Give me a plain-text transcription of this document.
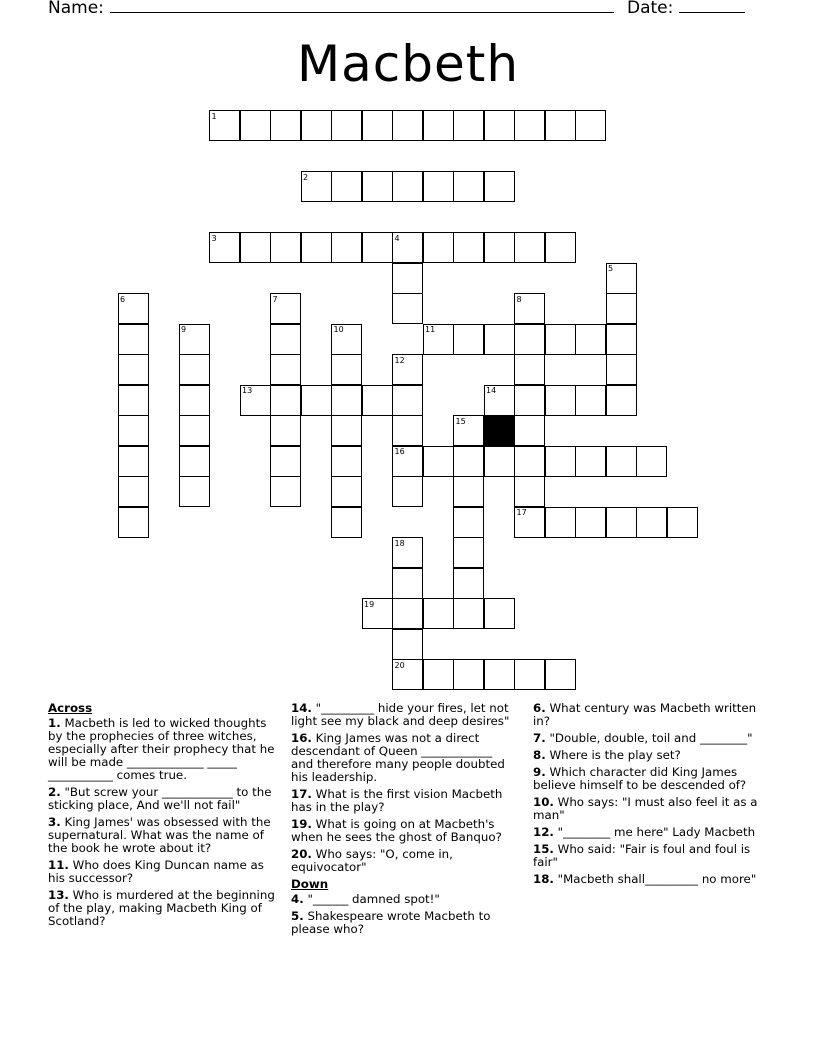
Name:	Date:
Macbeth
1
2
3	4
5
6	7	8
9	10	11
12
13	14
15
16
17
18
19
20
Across
1. Macbeth is led to wicked thoughts by the prophecies of three witches, especially after their prophecy that he will be made _____________ _____ ___________ comes true.
2. "But screw your ____________ to the sticking place, And we'll not fail"
3. King James' was obsessed with the supernatural. What was the name of the book he wrote about it?
11. Who does King Duncan name as his successor?
13. Who is murdered at the beginning of the play, making Macbeth King of Scotland?
14. "_________ hide your fires, let not light see my black and deep desires"
16. King James was not a direct descendant of Queen ____________ and therefore many people doubted his leadership.
17. What is the first vision Macbeth has in the play?
19. What is going on at Macbeth's when he sees the ghost of Banquo?
20. Who says: "O, come in, equivocator"
Down
4. "______ damned spot!"
5. Shakespeare wrote Macbeth to please who?
6. What century was Macbeth written in?
7. "Double, double, toil and ________"
8. Where is the play set?
9. Which character did King James believe himself to be descended of?
10. Who says: "I must also feel it as a man"
12. "________ me here" Lady Macbeth
15. Who said: "Fair is foul and foul is fair"
18. "Macbeth shall_________ no more"
